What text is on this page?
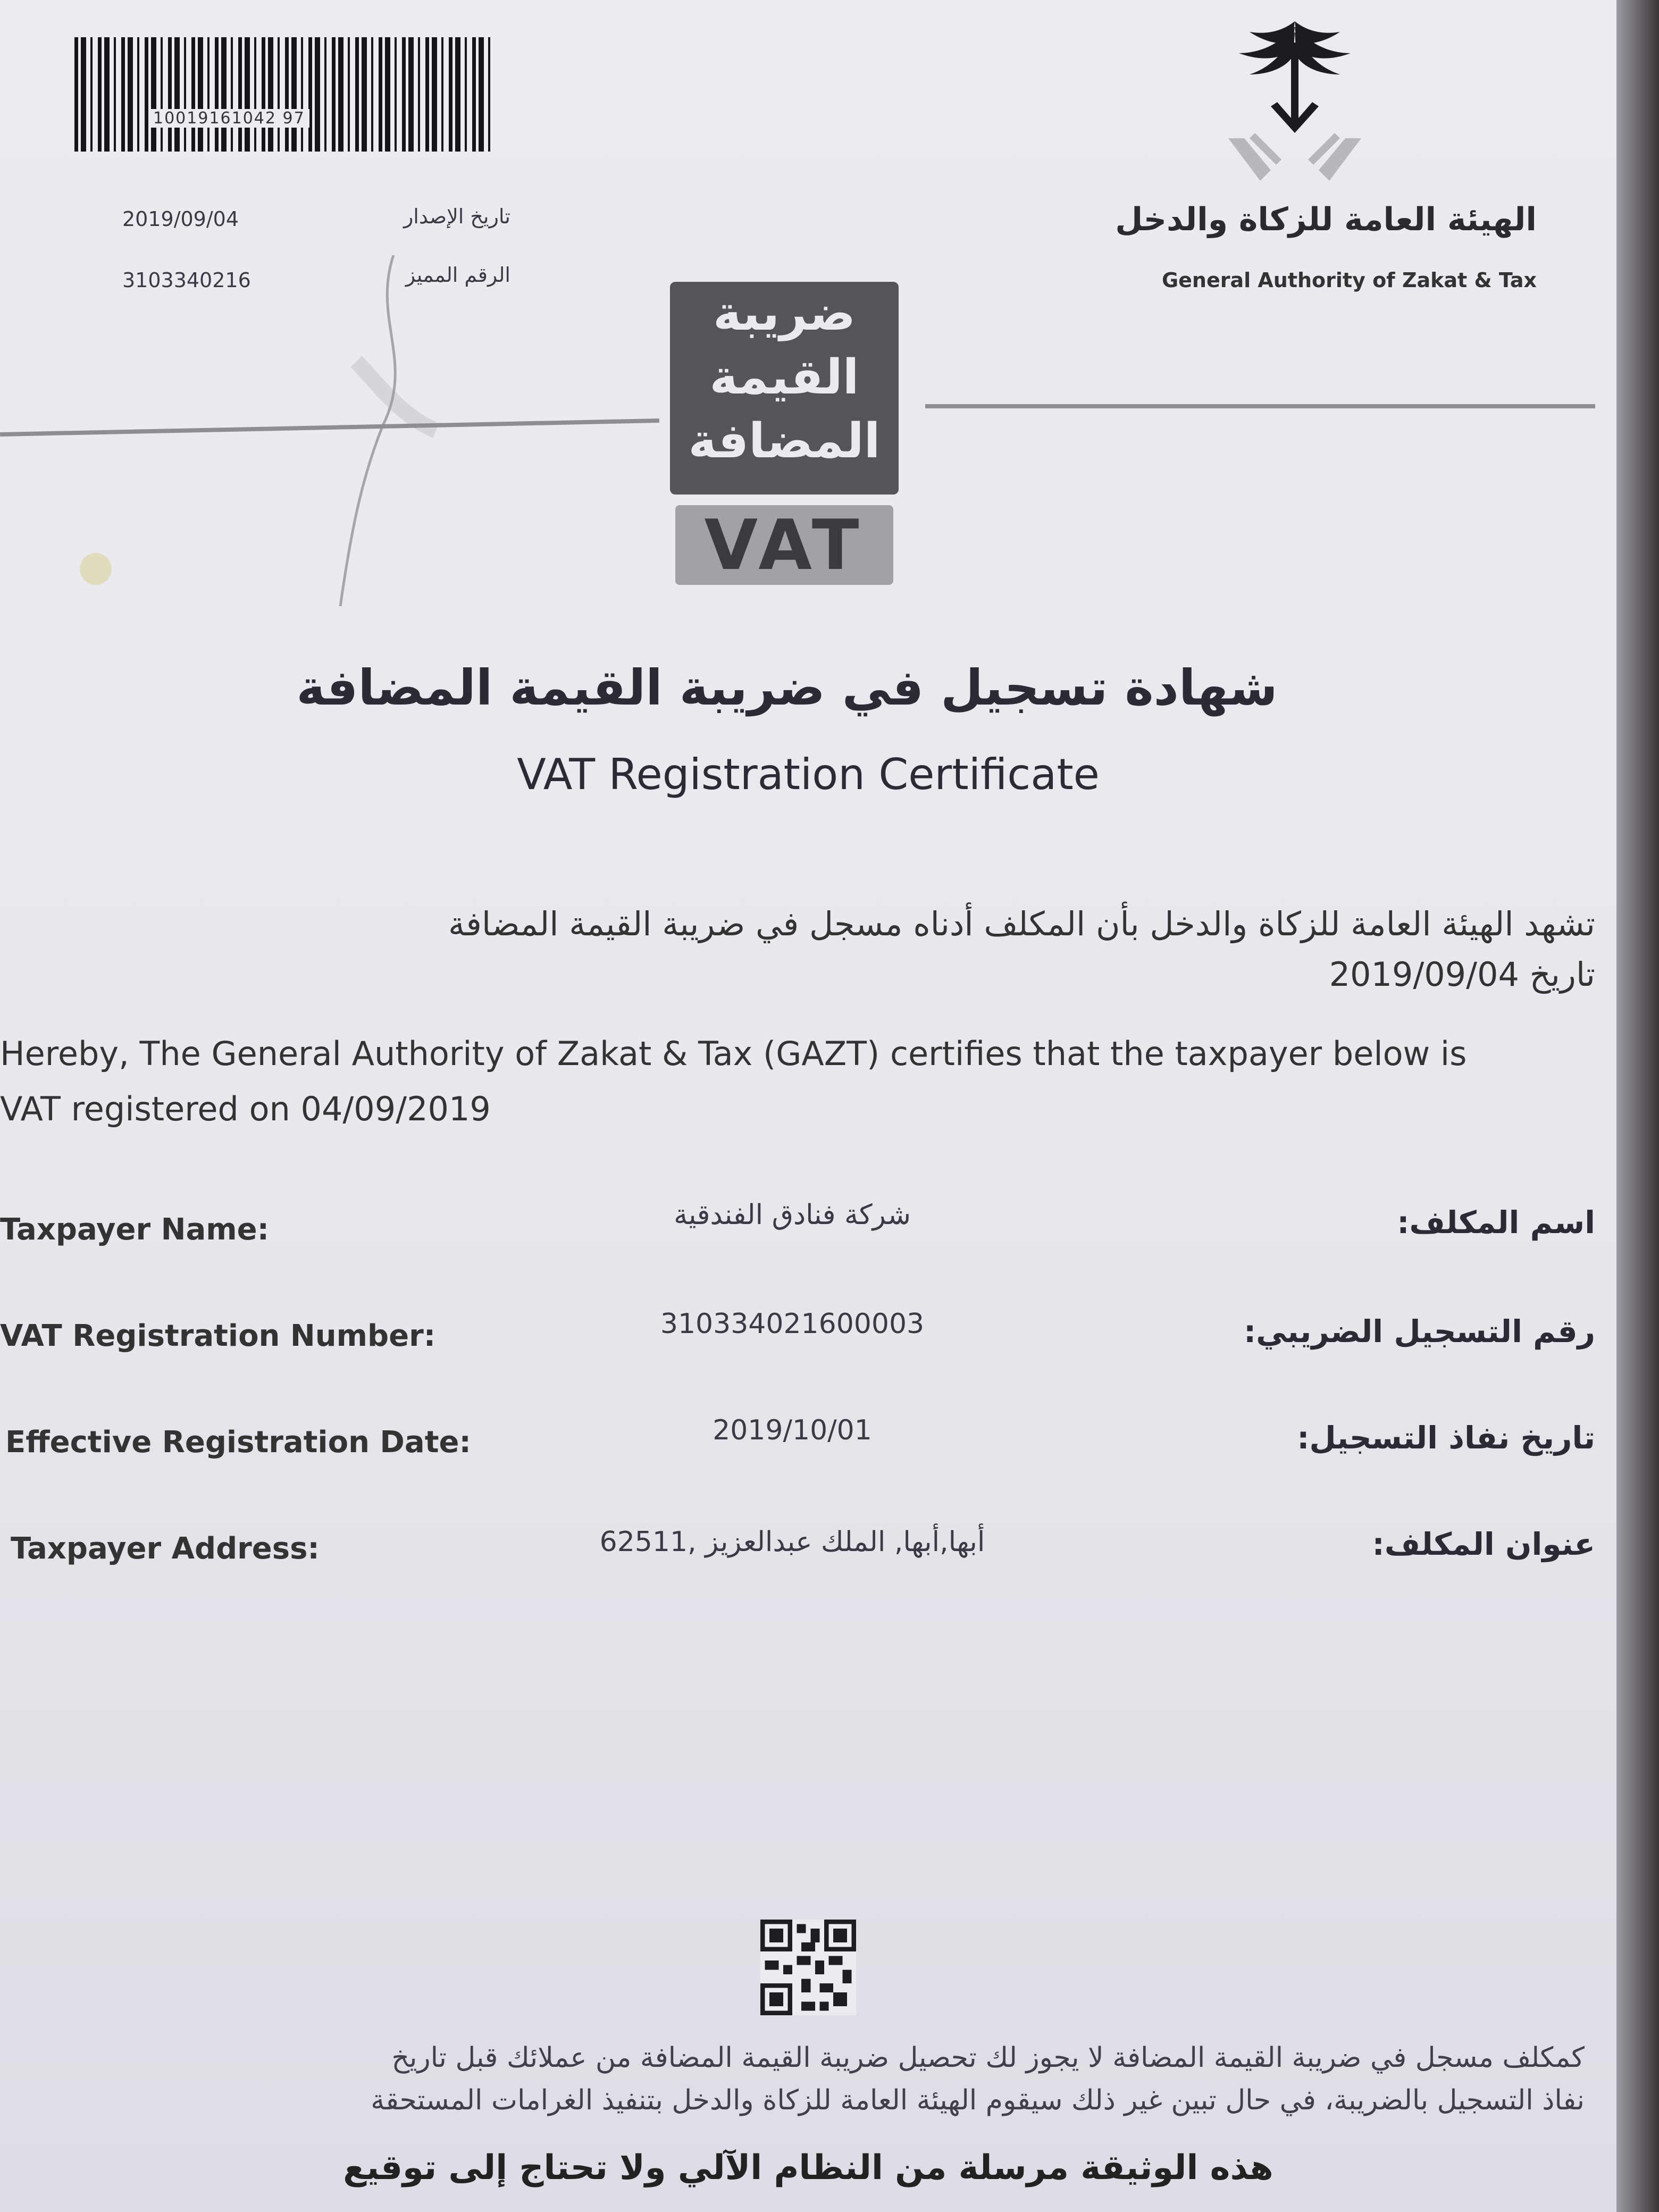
10019161042 97
2019/09/04	تاريخ الإصدار
3103340216	الرقم المميز
الهيئة العامة للزكاة والدخل
General Authority of Zakat & Tax
ضريبة
القيمة
المضافة
VAT
شهادة تسجيل في ضريبة القيمة المضافة
VAT Registration Certificate
تشهد الهيئة العامة للزكاة والدخل بأن المكلف أدناه مسجل في ضريبة القيمة المضافة
تاريخ 2019/09/04
Hereby, The General Authority of Zakat & Tax (GAZT) certifies that the taxpayer below is
VAT registered on 04/09/2019
Taxpayer Name:	شركة فنادق الفندقية	اسم المكلف:
VAT Registration Number:	310334021600003	رقم التسجيل الضريبي:
Effective Registration Date:	2019/10/01	تاريخ نفاذ التسجيل:
Taxpayer Address:	أبها,أبها, الملك عبدالعزيز ,62511	عنوان المكلف:
كمكلف مسجل في ضريبة القيمة المضافة لا يجوز لك تحصيل ضريبة القيمة المضافة من عملائك قبل تاريخ
نفاذ التسجيل بالضريبة، في حال تبين غير ذلك سيقوم الهيئة العامة للزكاة والدخل بتنفيذ الغرامات المستحقة
هذه الوثيقة مرسلة من النظام الآلي ولا تحتاج إلى توقيع
